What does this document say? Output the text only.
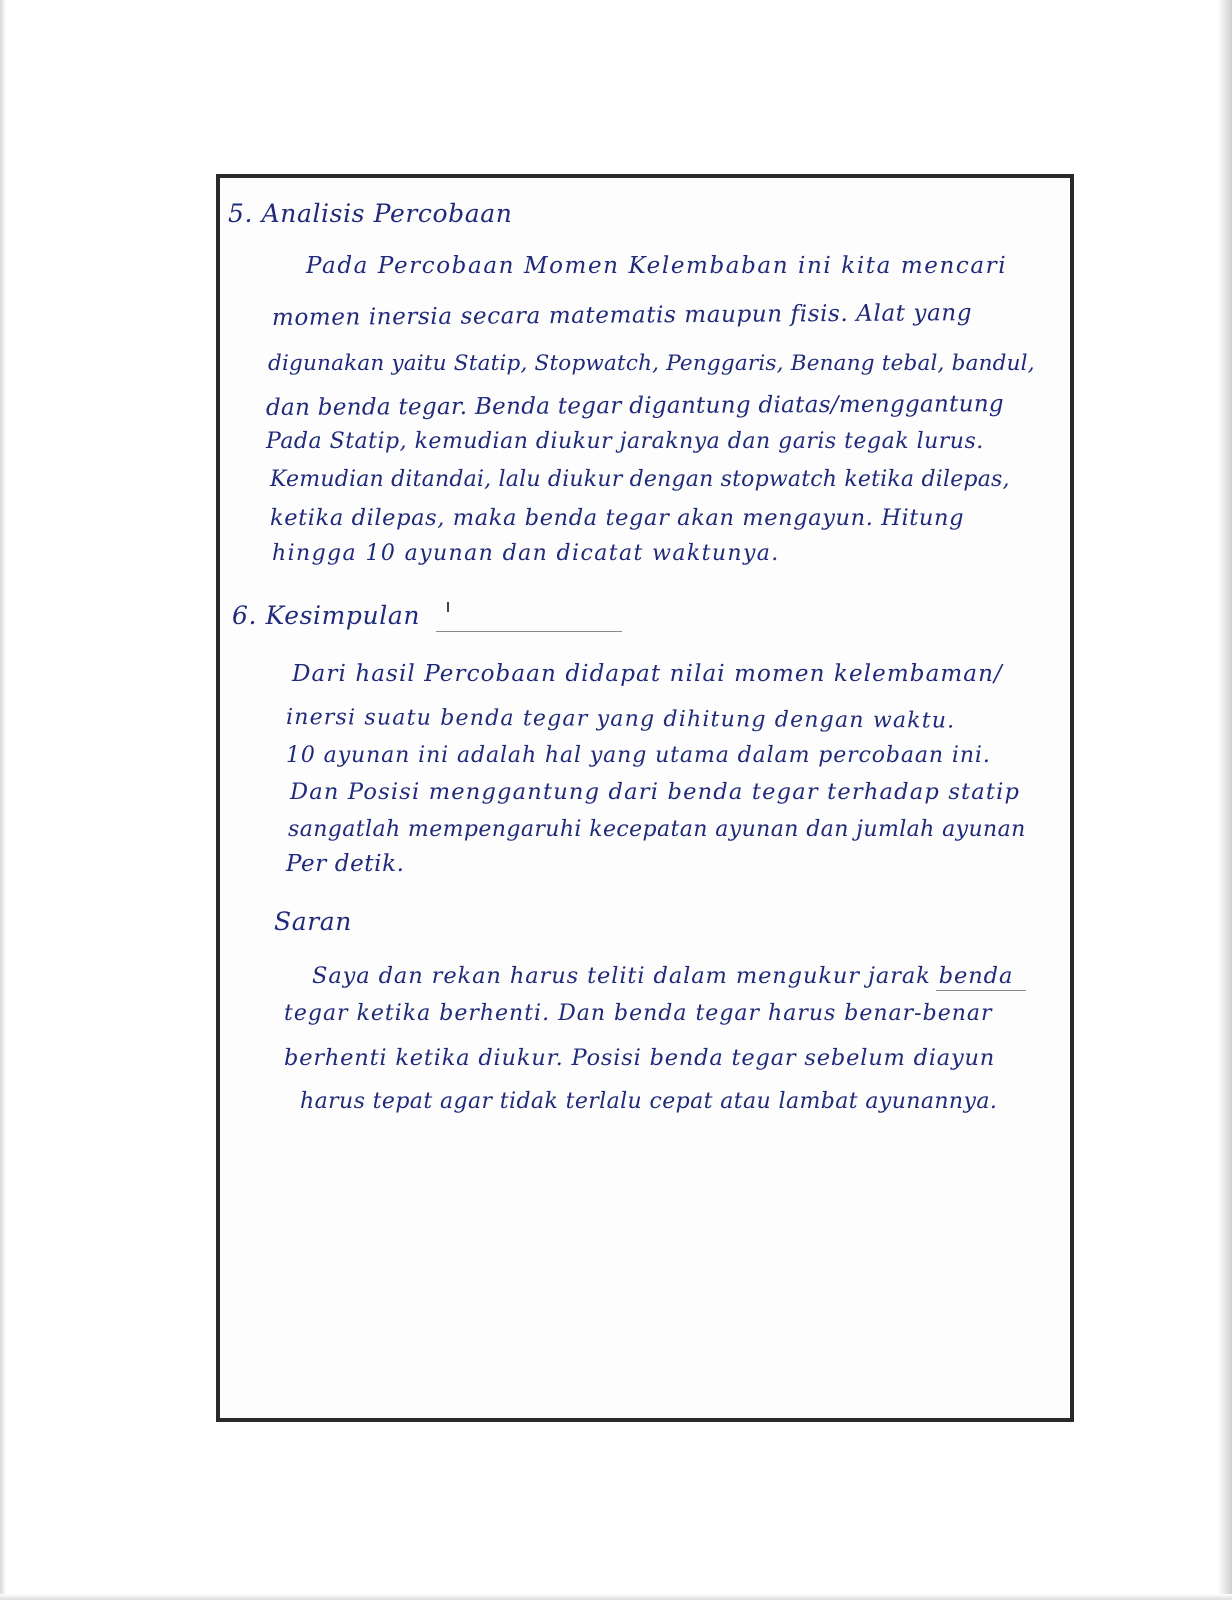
5. Analisis Percobaan
Pada Percobaan Momen Kelembaban ini kita mencari
momen inersia secara matematis maupun fisis. Alat yang
digunakan yaitu Statip, Stopwatch, Penggaris, Benang tebal, bandul,
dan benda tegar. Benda tegar digantung diatas/menggantung
Pada Statip, kemudian diukur jaraknya dan garis tegak lurus.
Kemudian ditandai, lalu diukur dengan stopwatch ketika dilepas,
ketika dilepas, maka benda tegar akan mengayun. Hitung
hingga 10 ayunan dan dicatat waktunya.
6. Kesimpulan
Dari hasil Percobaan didapat nilai momen kelembaman/
inersi suatu benda tegar yang dihitung dengan waktu.
10 ayunan ini adalah hal yang utama dalam percobaan ini.
Dan Posisi menggantung dari benda tegar terhadap statip
sangatlah mempengaruhi kecepatan ayunan dan jumlah ayunan
Per detik.
Saran
Saya dan rekan harus teliti dalam mengukur jarak benda
tegar ketika berhenti. Dan benda tegar harus benar-benar
berhenti ketika diukur. Posisi benda tegar sebelum diayun
harus tepat agar tidak terlalu cepat atau lambat ayunannya.
